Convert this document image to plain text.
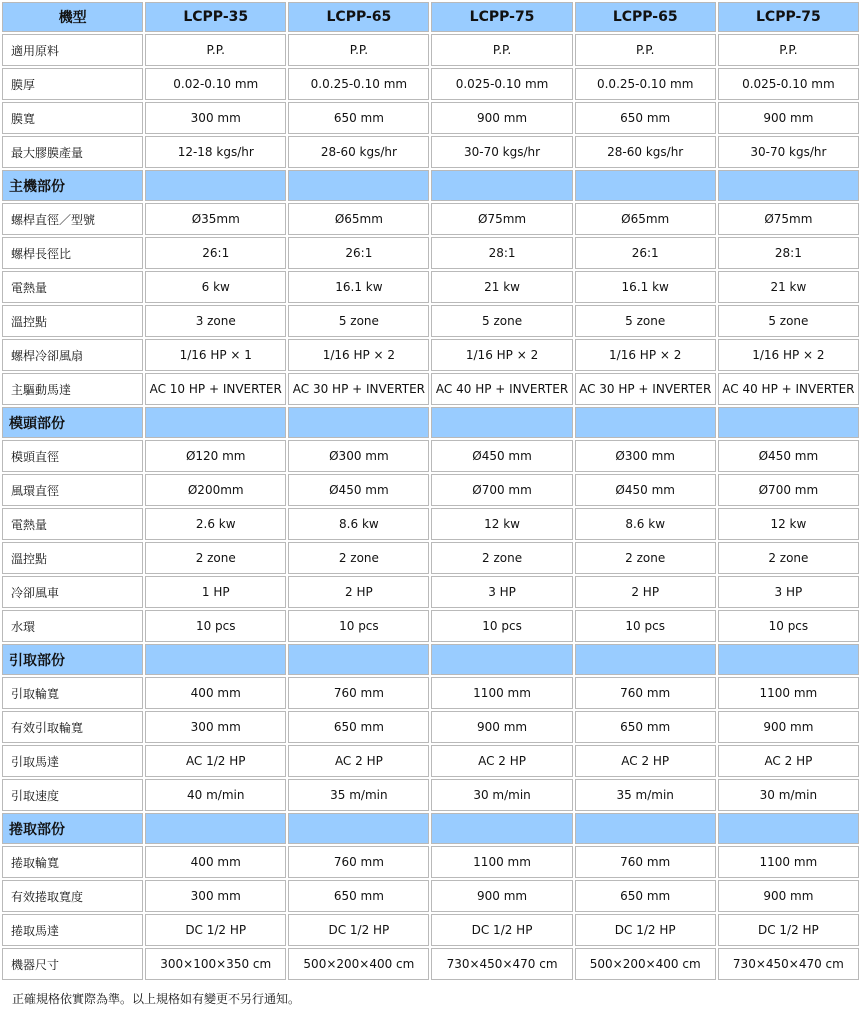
機型	LCPP-35	LCPP-65	LCPP-75	LCPP-65	LCPP-75
適用原料	P.P.	P.P.	P.P.	P.P.	P.P.
膜厚	0.02-0.10 mm	0.0.25-0.10 mm	0.025-0.10 mm	0.0.25-0.10 mm	0.025-0.10 mm
膜寬	300 mm	650 mm	900 mm	650 mm	900 mm
最大膠膜產量	12-18 kgs/hr	28-60 kgs/hr	30-70 kgs/hr	28-60 kgs/hr	30-70 kgs/hr
主機部份					
螺桿直徑／型號	Ø35mm	Ø65mm	Ø75mm	Ø65mm	Ø75mm
螺桿長徑比	26:1	26:1	28:1	26:1	28:1
電熱量	6 kw	16.1 kw	21 kw	16.1 kw	21 kw
溫控點	3 zone	5 zone	5 zone	5 zone	5 zone
螺桿冷卻風扇	1/16 HP × 1	1/16 HP × 2	1/16 HP × 2	1/16 HP × 2	1/16 HP × 2
主驅動馬達	AC 10 HP + INVERTER	AC 30 HP + INVERTER	AC 40 HP + INVERTER	AC 30 HP + INVERTER	AC 40 HP + INVERTER
模頭部份					
模頭直徑	Ø120 mm	Ø300 mm	Ø450 mm	Ø300 mm	Ø450 mm
風環直徑	Ø200mm	Ø450 mm	Ø700 mm	Ø450 mm	Ø700 mm
電熱量	2.6 kw	8.6 kw	12 kw	8.6 kw	12 kw
溫控點	2 zone	2 zone	2 zone	2 zone	2 zone
冷卻風車	1 HP	2 HP	3 HP	2 HP	3 HP
水環	10 pcs	10 pcs	10 pcs	10 pcs	10 pcs
引取部份					
引取輪寬	400 mm	760 mm	1100 mm	760 mm	1100 mm
有效引取輪寬	300 mm	650 mm	900 mm	650 mm	900 mm
引取馬達	AC 1/2 HP	AC 2 HP	AC 2 HP	AC 2 HP	AC 2 HP
引取速度	40 m/min	35 m/min	30 m/min	35 m/min	30 m/min
捲取部份					
捲取輪寬	400 mm	760 mm	1100 mm	760 mm	1100 mm
有效捲取寬度	300 mm	650 mm	900 mm	650 mm	900 mm
捲取馬達	DC 1/2 HP	DC 1/2 HP	DC 1/2 HP	DC 1/2 HP	DC 1/2 HP
機器尺寸	300×100×350 cm	500×200×400 cm	730×450×470 cm	500×200×400 cm	730×450×470 cm
正確規格依實際為準。以上規格如有變更不另行通知。
